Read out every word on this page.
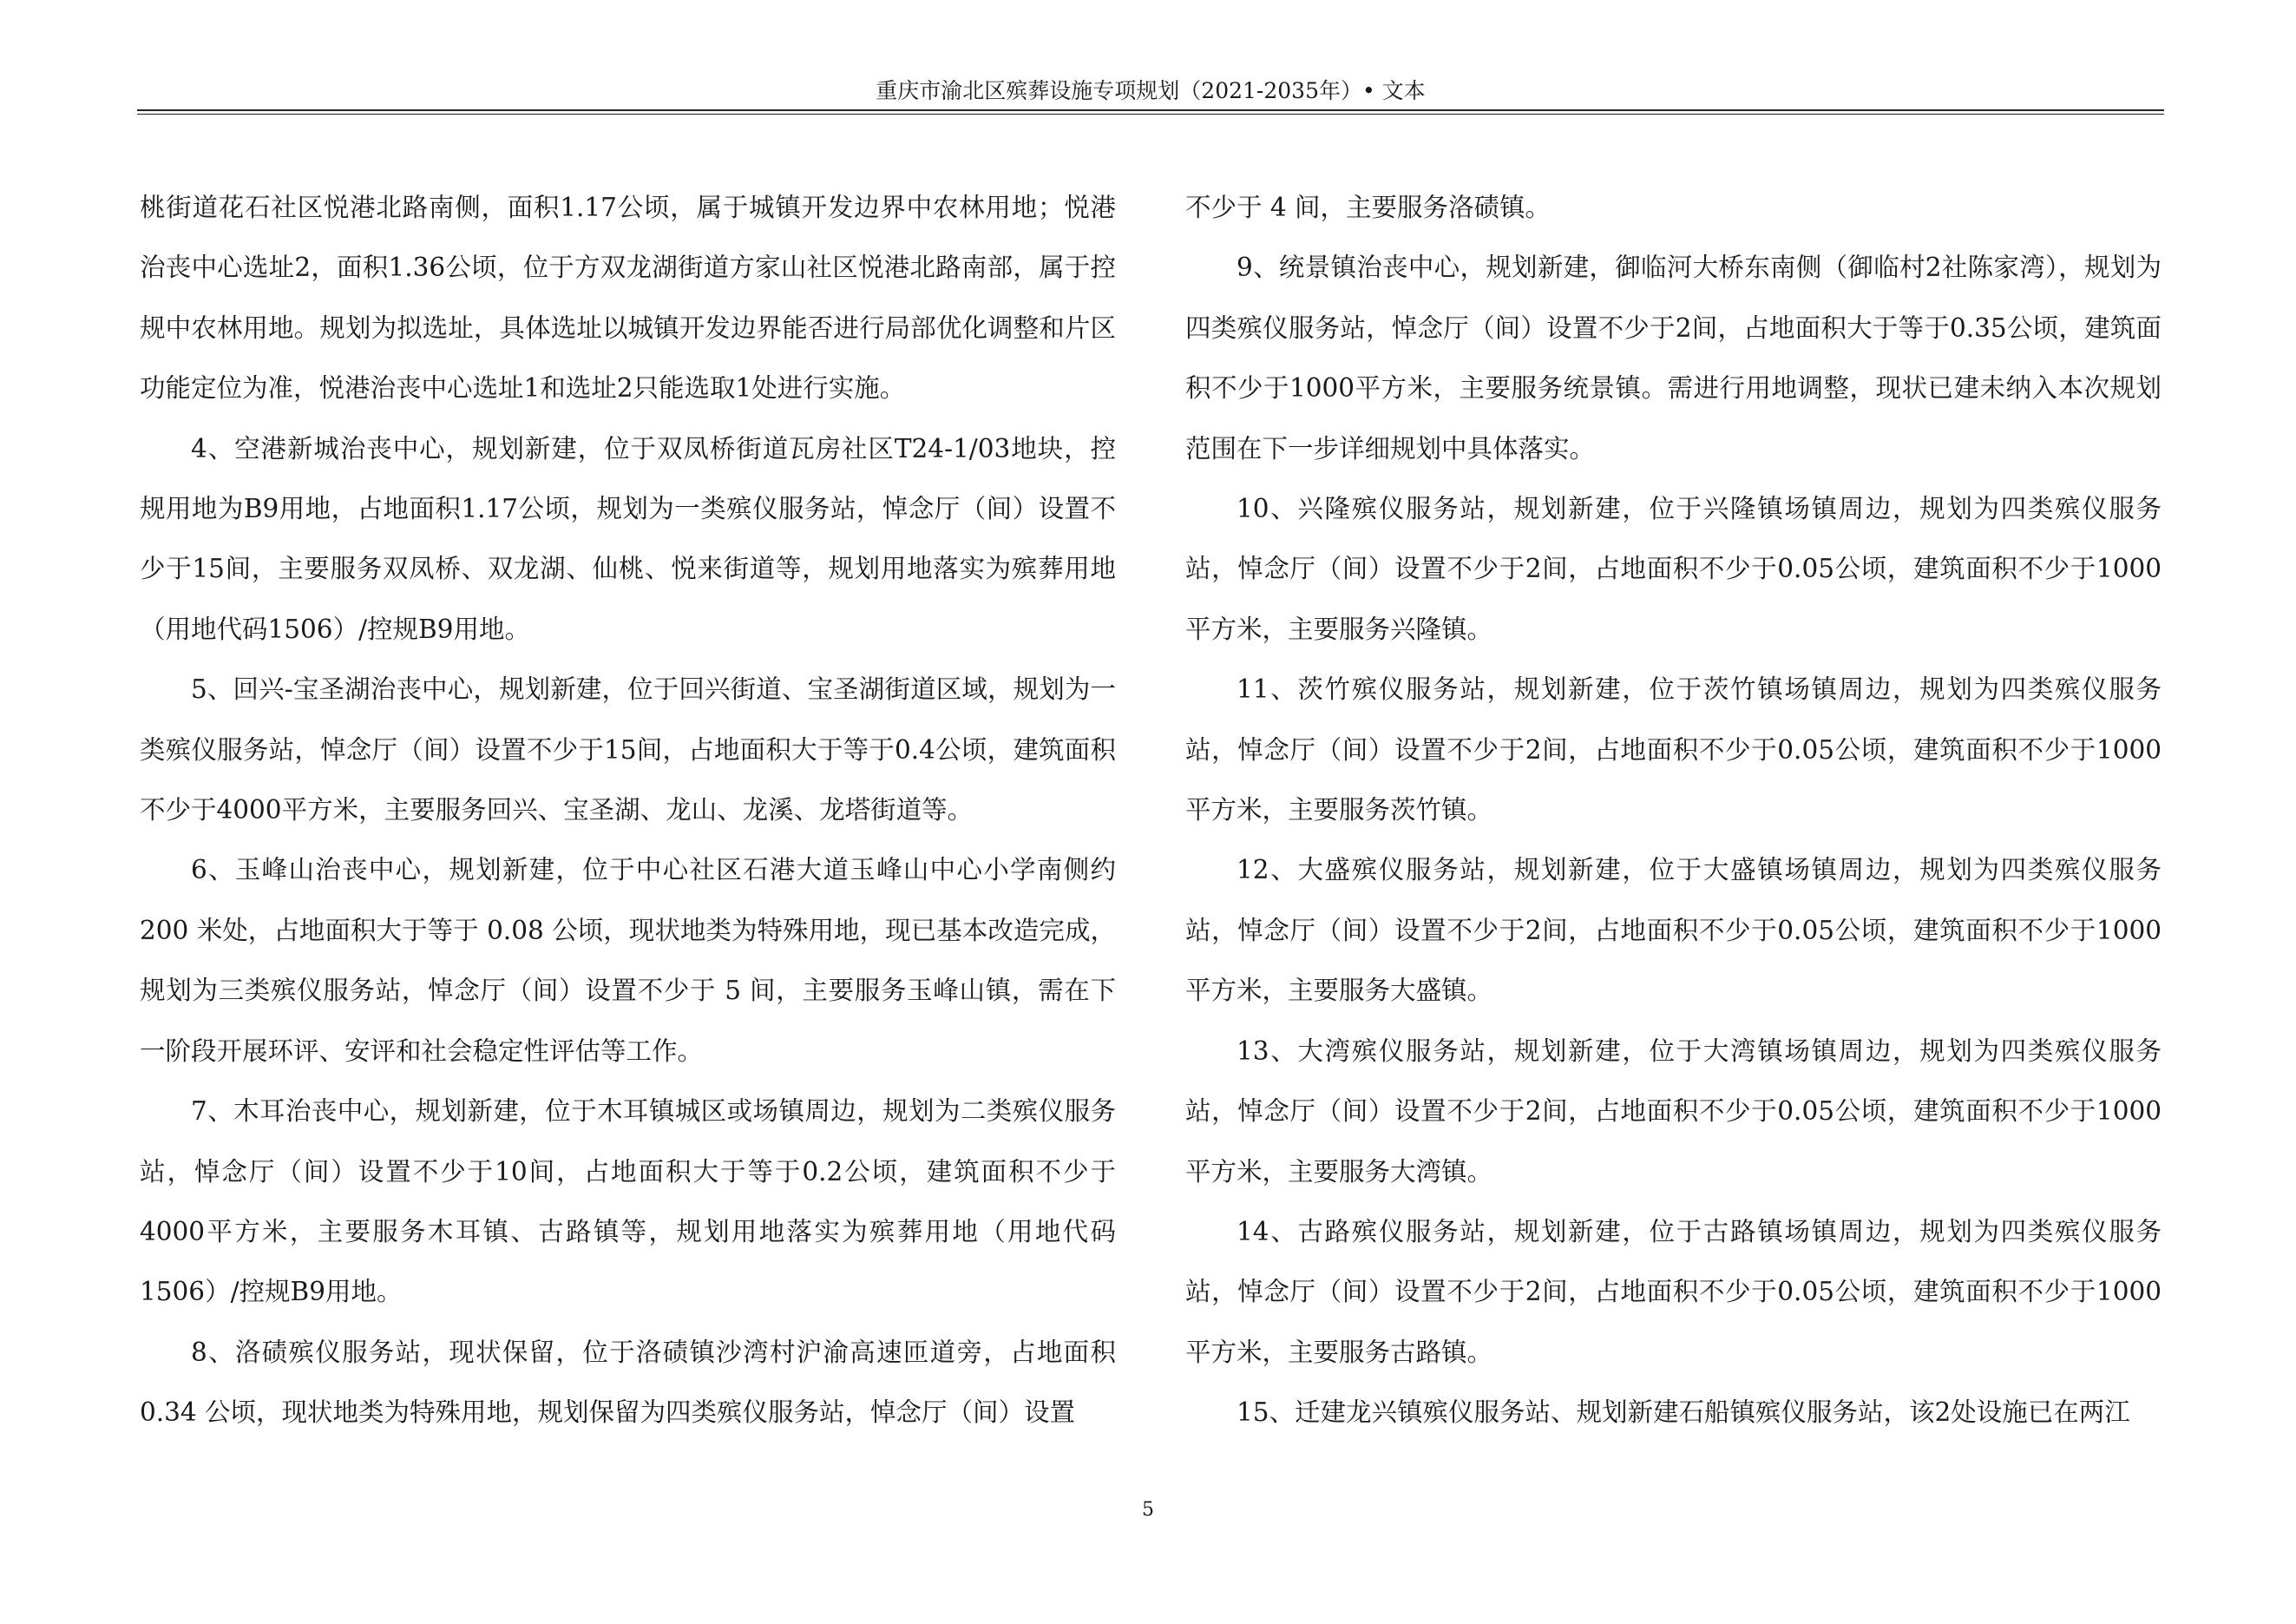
重庆市渝北区殡葬设施专项规划（2021-2035年）• 文本

桃街道花石社区悦港北路南侧，面积1.17公顷，属于城镇开发边界中农林用地；悦港治丧中心选址2，面积1.36公顷，位于方双龙湖街道方家山社区悦港北路南部，属于控规中农林用地。规划为拟选址，具体选址以城镇开发边界能否进行局部优化调整和片区功能定位为准，悦港治丧中心选址1和选址2只能选取1处进行实施。

4、空港新城治丧中心，规划新建，位于双凤桥街道瓦房社区T24-1/03地块，控规用地为B9用地，占地面积1.17公顷，规划为一类殡仪服务站，悼念厅（间）设置不少于15间，主要服务双凤桥、双龙湖、仙桃、悦来街道等，规划用地落实为殡葬用地（用地代码1506）/控规B9用地。

5、回兴-宝圣湖治丧中心，规划新建，位于回兴街道、宝圣湖街道区域，规划为一类殡仪服务站，悼念厅（间）设置不少于15间，占地面积大于等于0.4公顷，建筑面积不少于4000平方米，主要服务回兴、宝圣湖、龙山、龙溪、龙塔街道等。

6、玉峰山治丧中心，规划新建，位于中心社区石港大道玉峰山中心小学南侧约200 米处，占地面积大于等于 0.08 公顷，现状地类为特殊用地，现已基本改造完成，规划为三类殡仪服务站，悼念厅（间）设置不少于 5 间，主要服务玉峰山镇，需在下一阶段开展环评、安评和社会稳定性评估等工作。

7、木耳治丧中心，规划新建，位于木耳镇城区或场镇周边，规划为二类殡仪服务站，悼念厅（间）设置不少于10间，占地面积大于等于0.2公顷，建筑面积不少于4000平方米，主要服务木耳镇、古路镇等，规划用地落实为殡葬用地（用地代码1506）/控规B9用地。

8、洛碛殡仪服务站，现状保留，位于洛碛镇沙湾村沪渝高速匝道旁，占地面积0.34 公顷，现状地类为特殊用地，规划保留为四类殡仪服务站，悼念厅（间）设置

不少于 4 间，主要服务洛碛镇。

9、统景镇治丧中心，规划新建，御临河大桥东南侧（御临村2社陈家湾），规划为四类殡仪服务站，悼念厅（间）设置不少于2间，占地面积大于等于0.35公顷，建筑面积不少于1000平方米，主要服务统景镇。需进行用地调整，现状已建未纳入本次规划范围在下一步详细规划中具体落实。

10、兴隆殡仪服务站，规划新建，位于兴隆镇场镇周边，规划为四类殡仪服务站，悼念厅（间）设置不少于2间，占地面积不少于0.05公顷，建筑面积不少于1000平方米，主要服务兴隆镇。

11、茨竹殡仪服务站，规划新建，位于茨竹镇场镇周边，规划为四类殡仪服务站，悼念厅（间）设置不少于2间，占地面积不少于0.05公顷，建筑面积不少于1000平方米，主要服务茨竹镇。

12、大盛殡仪服务站，规划新建，位于大盛镇场镇周边，规划为四类殡仪服务站，悼念厅（间）设置不少于2间，占地面积不少于0.05公顷，建筑面积不少于1000平方米，主要服务大盛镇。

13、大湾殡仪服务站，规划新建，位于大湾镇场镇周边，规划为四类殡仪服务站，悼念厅（间）设置不少于2间，占地面积不少于0.05公顷，建筑面积不少于1000平方米，主要服务大湾镇。

14、古路殡仪服务站，规划新建，位于古路镇场镇周边，规划为四类殡仪服务站，悼念厅（间）设置不少于2间，占地面积不少于0.05公顷，建筑面积不少于1000平方米，主要服务古路镇。

15、迁建龙兴镇殡仪服务站、规划新建石船镇殡仪服务站，该2处设施已在两江

5
